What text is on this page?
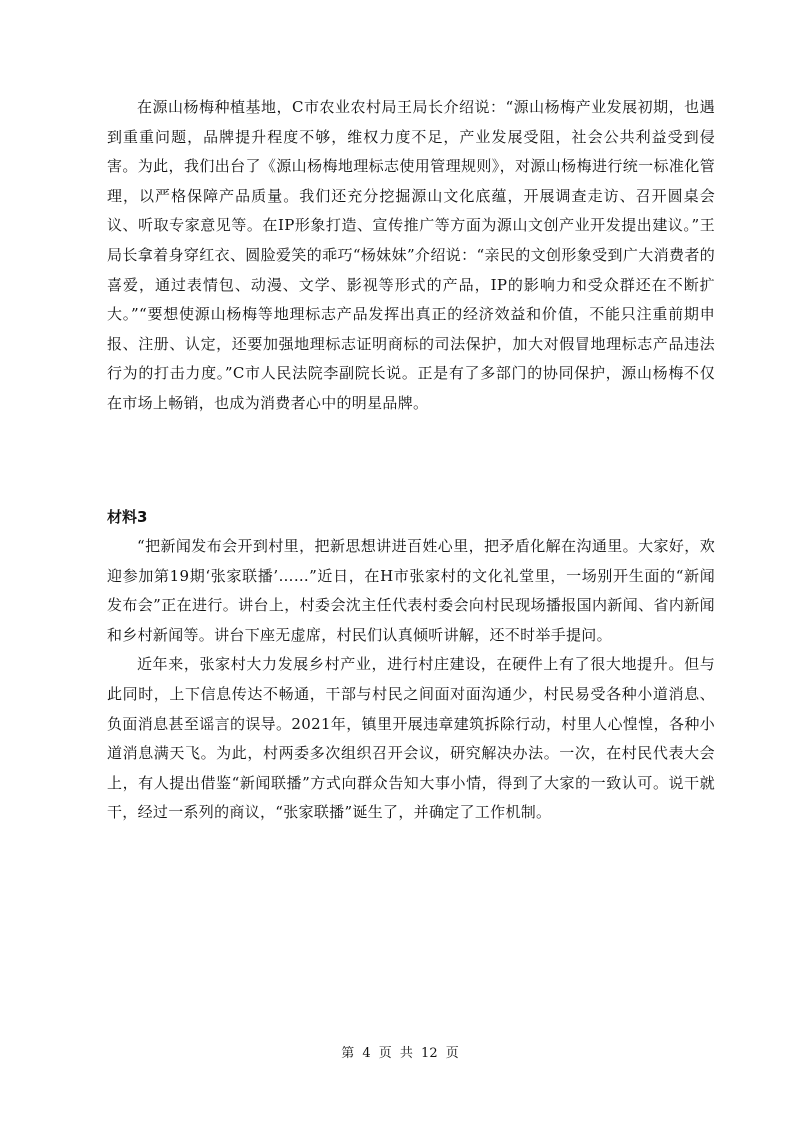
在源山杨梅种植基地，C市农业农村局王局长介绍说：“源山杨梅产业发展初期，也遇到重重问题，品牌提升程度不够，维权力度不足，产业发展受阻，社会公共利益受到侵害。为此，我们出台了《源山杨梅地理标志使用管理规则》，对源山杨梅进行统一标准化管理，以严格保障产品质量。我们还充分挖掘源山文化底蕴，开展调查走访、召开圆桌会议、听取专家意见等。在IP形象打造、宣传推广等方面为源山文创产业开发提出建议。”王局长拿着身穿红衣、圆脸爱笑的乖巧“杨妹妹”介绍说：“亲民的文创形象受到广大消费者的喜爱，通过表情包、动漫、文学、影视等形式的产品，IP的影响力和受众群还在不断扩大。”“要想使源山杨梅等地理标志产品发挥出真正的经济效益和价值，不能只注重前期申报、注册、认定，还要加强地理标志证明商标的司法保护，加大对假冒地理标志产品违法行为的打击力度。”C市人民法院李副院长说。正是有了多部门的协同保护，源山杨梅不仅在市场上畅销，也成为消费者心中的明星品牌。

材料3

“把新闻发布会开到村里，把新思想讲进百姓心里，把矛盾化解在沟通里。大家好，欢迎参加第19期‘张家联播’……”近日，在H市张家村的文化礼堂里，一场别开生面的“新闻发布会”正在进行。讲台上，村委会沈主任代表村委会向村民现场播报国内新闻、省内新闻和乡村新闻等。讲台下座无虚席，村民们认真倾听讲解，还不时举手提问。

近年来，张家村大力发展乡村产业，进行村庄建设，在硬件上有了很大地提升。但与此同时，上下信息传达不畅通，干部与村民之间面对面沟通少，村民易受各种小道消息、负面消息甚至谣言的误导。2021年，镇里开展违章建筑拆除行动，村里人心惶惶，各种小道消息满天飞。为此，村两委多次组织召开会议，研究解决办法。一次，在村民代表大会上，有人提出借鉴“新闻联播”方式向群众告知大事小情，得到了大家的一致认可。说干就干，经过一系列的商议，“张家联播”诞生了，并确定了工作机制。

第 4 页 共 12 页
